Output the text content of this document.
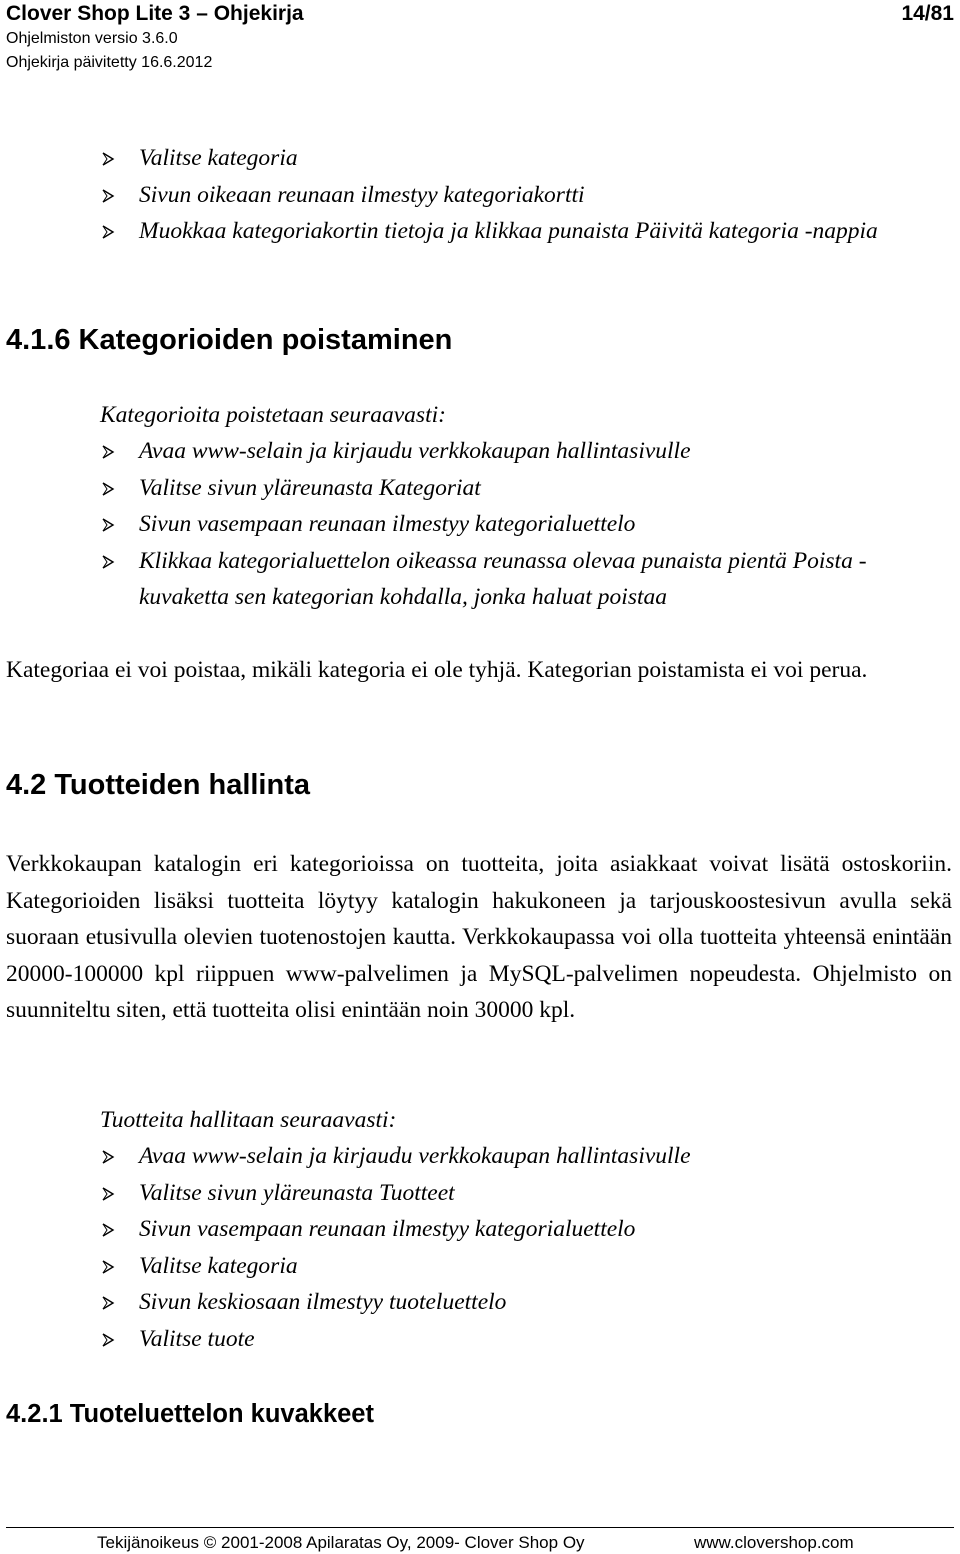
Clover Shop Lite 3 – Ohjekirja	14/81
Ohjelmiston versio 3.6.0
Ohjekirja päivitetty 16.6.2012
Valitse kategoria
Sivun oikeaan reunaan ilmestyy kategoriakortti
Muokkaa kategoriakortin tietoja ja klikkaa punaista Päivitä kategoria -nappia
4.1.6 Kategorioiden poistaminen

Kategorioita poistetaan seuraavasti:

Avaa www-selain ja kirjaudu verkkokaupan hallintasivulle
Valitse sivun yläreunasta Kategoriat
Sivun vasempaan reunaan ilmestyy kategorialuettelo
Klikkaa kategorialuettelon oikeassa reunassa olevaa punaista pientä Poista -kuvaketta sen kategorian kohdalla, jonka haluat poistaa

Kategoriaa ei voi poistaa, mikäli kategoria ei ole tyhjä. Kategorian poistamista ei voi perua.

4.2 Tuotteiden hallinta

Verkkokaupan katalogin eri kategorioissa on tuotteita, joita asiakkaat voivat lisätä ostoskoriin. Kategorioiden lisäksi tuotteita löytyy katalogin hakukoneen ja tarjouskoostesivun avulla sekä suoraan etusivulla olevien tuotenostojen kautta. Verkkokaupassa voi olla tuotteita yhteensä enintään 20000-100000 kpl riippuen www-palvelimen ja MySQL-palvelimen nopeudesta. Ohjelmisto on suunniteltu siten, että tuotteita olisi enintään noin 30000 kpl.

Tuotteita hallitaan seuraavasti:

Avaa www-selain ja kirjaudu verkkokaupan hallintasivulle
Valitse sivun yläreunasta Tuotteet
Sivun vasempaan reunaan ilmestyy kategorialuettelo
Valitse kategoria
Sivun keskiosaan ilmestyy tuoteluettelo
Valitse tuote
4.2.1 Tuoteluettelon kuvakkeet
Tekijänoikeus © 2001-2008 Apilaratas Oy, 2009- Clover Shop Oy	www.clovershop.com
